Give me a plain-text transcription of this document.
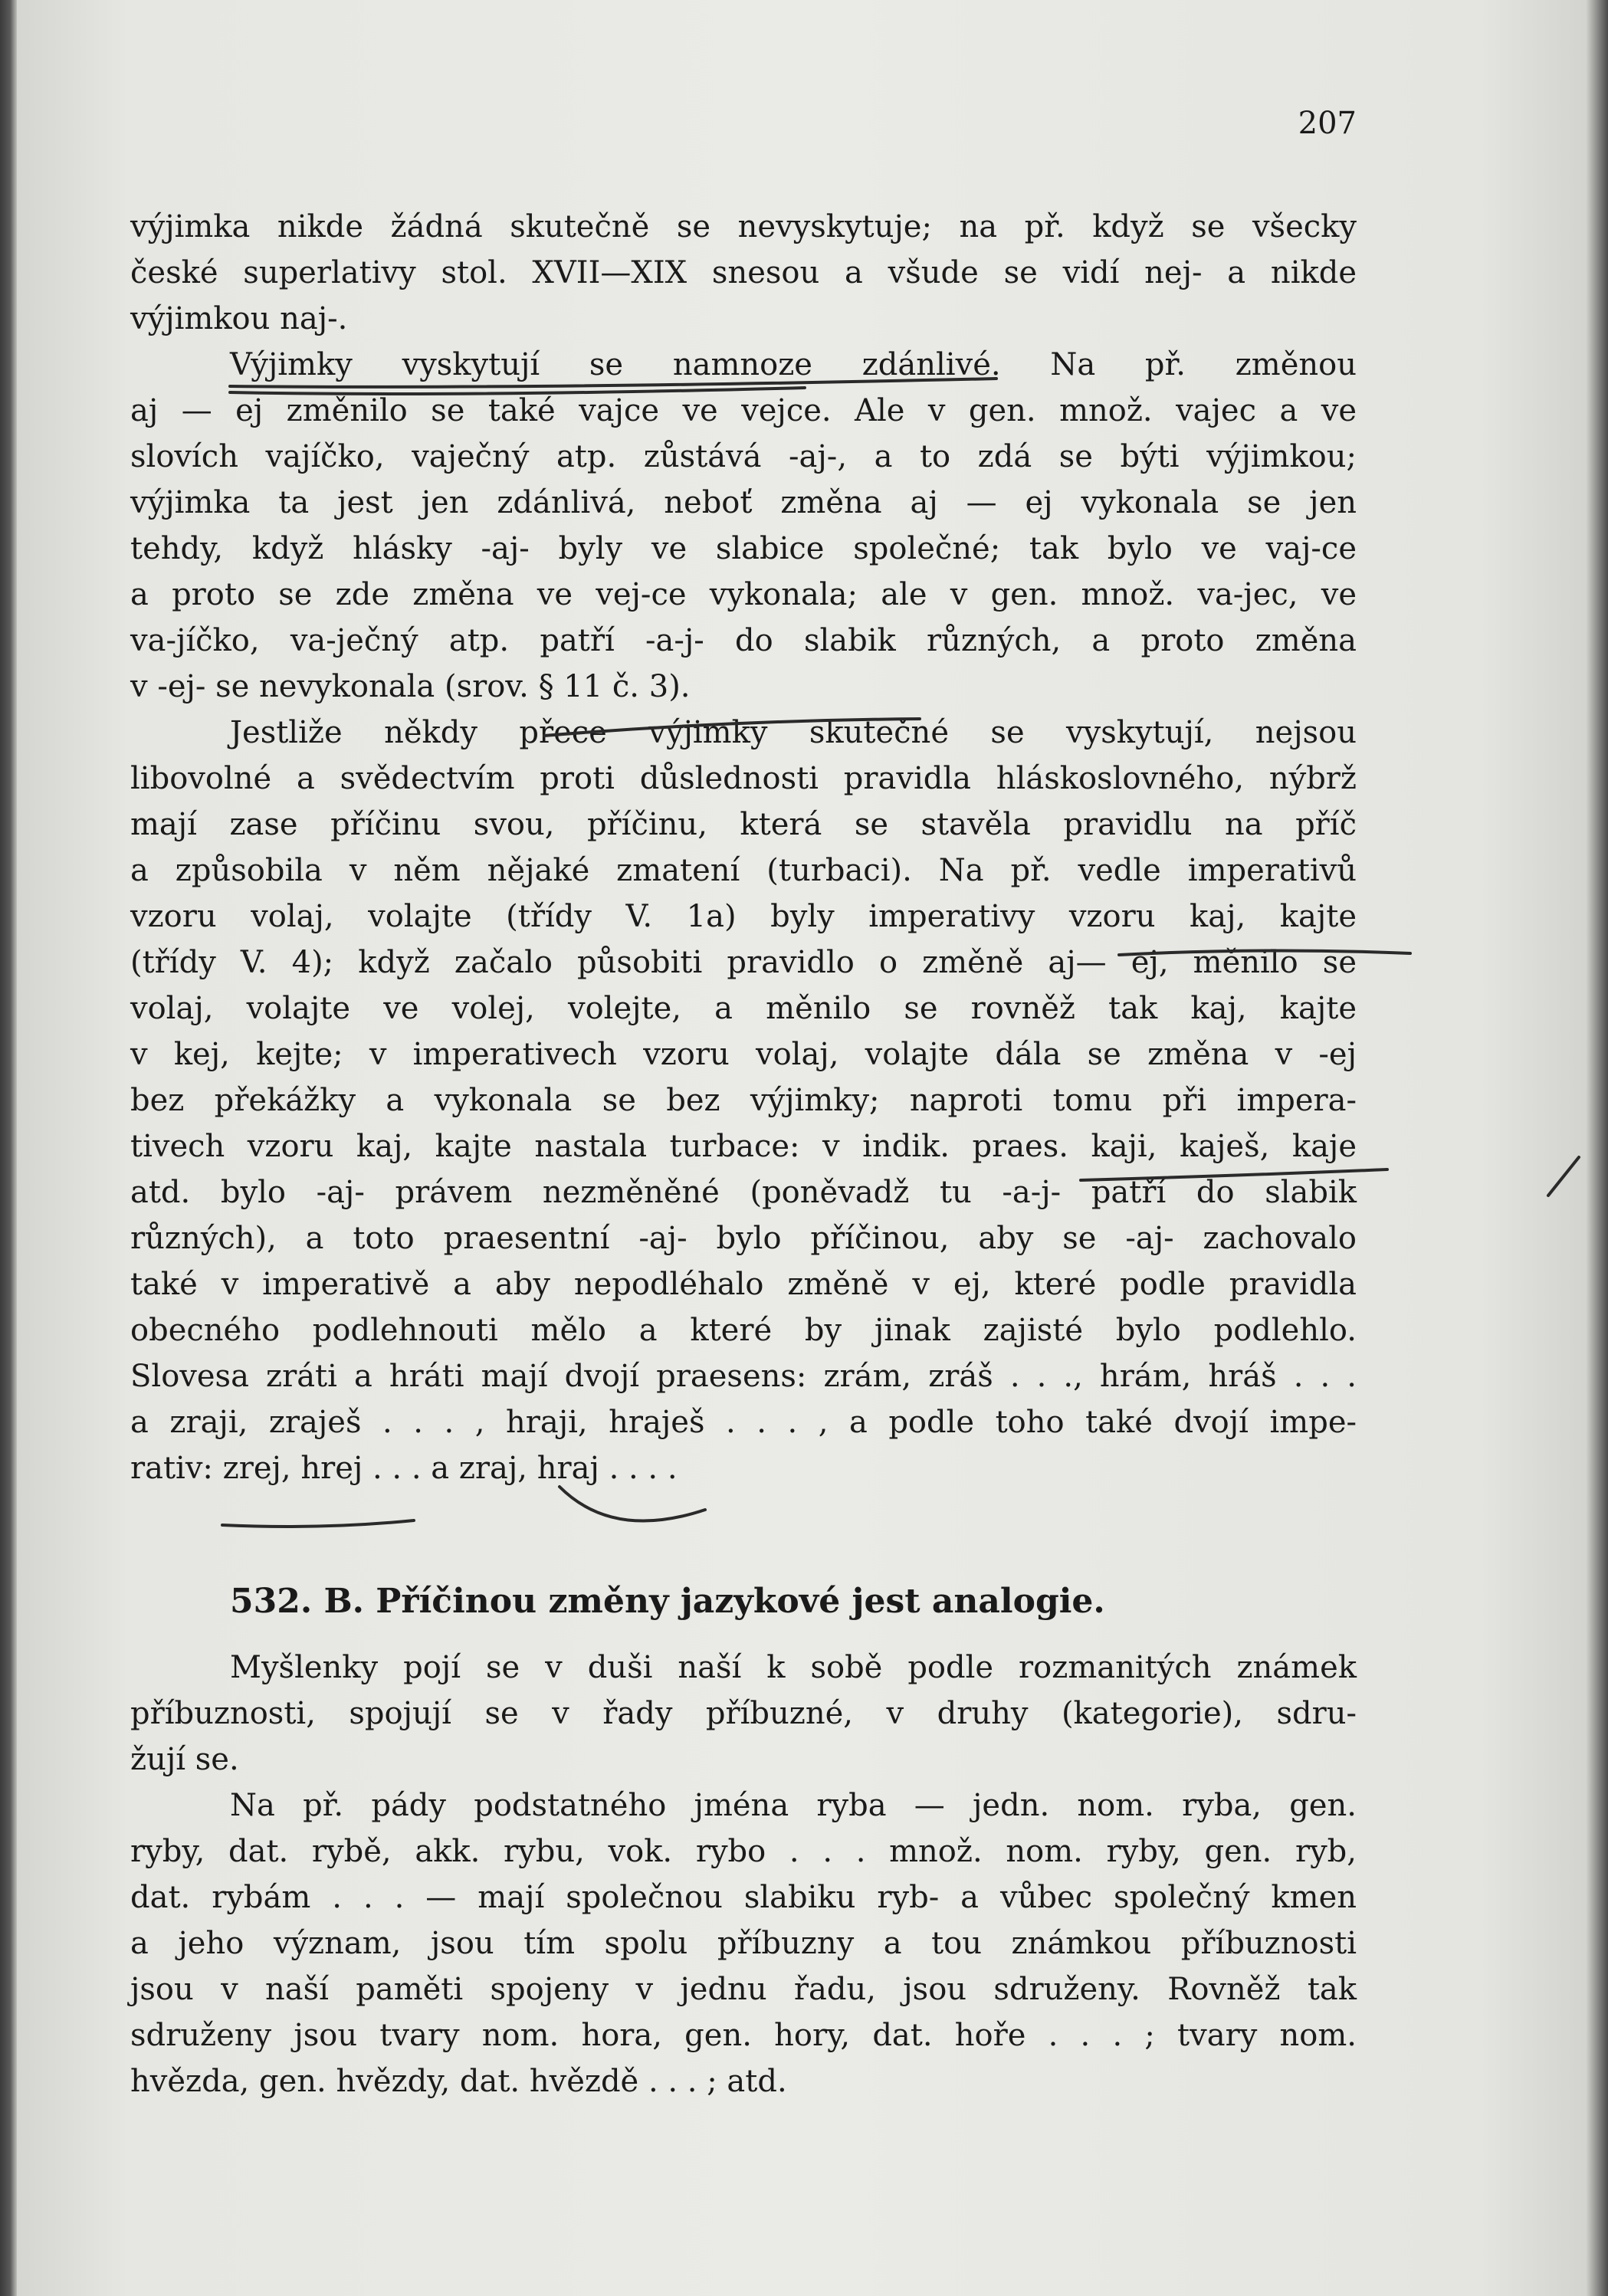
207

výjimka nikde žádná skutečně se nevyskytuje; na př. když se všecky

české superlativy stol. XVII—XIX snesou a všude se vidí nej- a nikde

výjimkou naj-.

Výjimky vyskytují se namnoze zdánlivé. Na př. změnou

aj — ej změnilo se také vajce ve vejce. Ale v gen. množ. vajec a ve

slovích vajíčko, vaječný atp. zůstává -aj-, a to zdá se býti výjimkou;

výjimka ta jest jen zdánlivá, neboť změna aj — ej vykonala se jen

tehdy, když hlásky -aj- byly ve slabice společné; tak bylo ve vaj-ce

a proto se zde změna ve vej-ce vykonala; ale v gen. množ. va-jec, ve

va-jíčko, va-ječný atp. patří -a-j- do slabik různých, a proto změna

v -ej- se nevykonala (srov. § 11 č. 3).

Jestliže někdy přece výjimky skutečné se vyskytují, nejsou

libovolné a svědectvím proti důslednosti pravidla hláskoslovného, nýbrž

mají zase příčinu svou, příčinu, která se stavěla pravidlu na příč

a způsobila v něm nějaké zmatení (turbaci). Na př. vedle imperativů

vzoru volaj, volajte (třídy V. 1a) byly imperativy vzoru kaj, kajte

(třídy V. 4); když začalo působiti pravidlo o změně aj— ej, měnilo se

volaj, volajte ve volej, volejte, a měnilo se rovněž tak kaj, kajte

v kej, kejte; v imperativech vzoru volaj, volajte dála se změna v -ej

bez překážky a vykonala se bez výjimky; naproti tomu při impera-

tivech vzoru kaj, kajte nastala turbace: v indik. praes. kaji, kaješ, kaje

atd. bylo -aj- právem nezměněné (poněvadž tu -a-j- patří do slabik

různých), a toto praesentní -aj- bylo příčinou, aby se -aj- zachovalo

také v imperativě a aby nepodléhalo změně v ej, které podle pravidla

obecného podlehnouti mělo a které by jinak zajisté bylo podlehlo.

Slovesa zráti a hráti mají dvojí praesens: zrám, zráš . . ., hrám, hráš . . .

a zraji, zraješ . . . , hraji, hraješ . . . , a podle toho také dvojí impe-

rativ: zrej, hrej . . . a zraj, hraj . . . .

532. B. Příčinou změny jazykové jest analogie.

Myšlenky pojí se v duši naší k sobě podle rozmanitých známek

příbuznosti, spojují se v řady příbuzné, v druhy (kategorie), sdru-

žují se.

Na př. pády podstatného jména ryba — jedn. nom. ryba, gen.

ryby, dat. rybě, akk. rybu, vok. rybo . . . množ. nom. ryby, gen. ryb,

dat. rybám . . . — mají společnou slabiku ryb- a vůbec společný kmen

a jeho význam, jsou tím spolu příbuzny a tou známkou příbuznosti

jsou v naší paměti spojeny v jednu řadu, jsou sdruženy. Rovněž tak

sdruženy jsou tvary nom. hora, gen. hory, dat. hoře . . . ; tvary nom.

hvězda, gen. hvězdy, dat. hvězdě . . . ; atd.
